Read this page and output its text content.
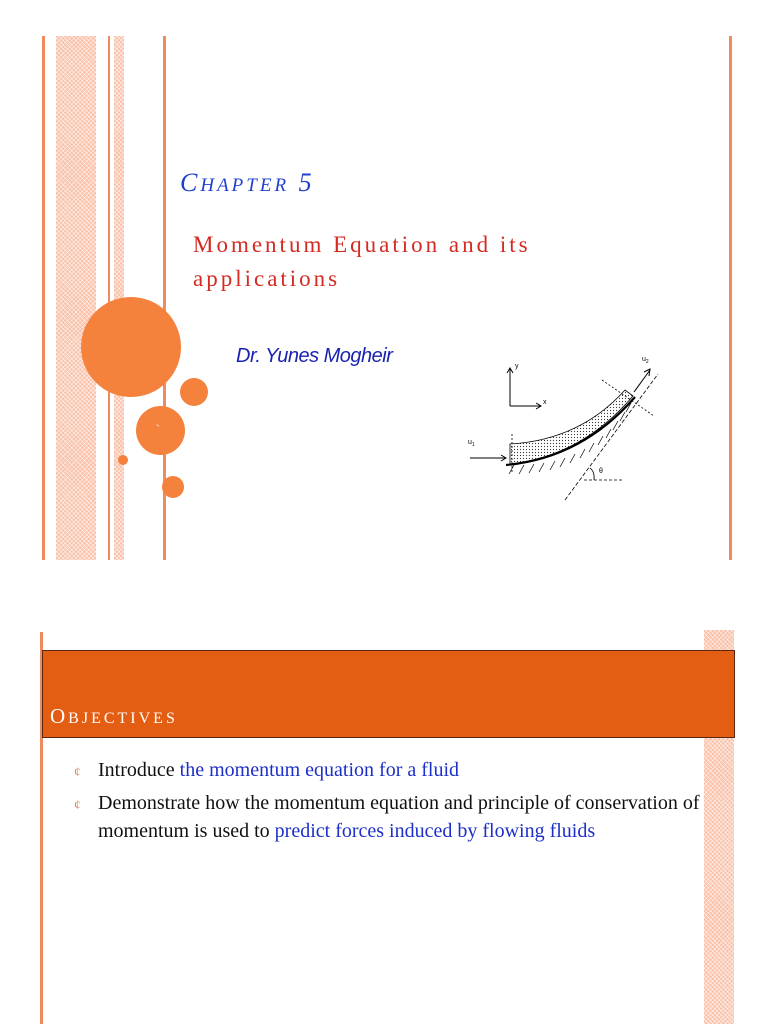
`
CHAPTER 5
Momentum Equation and its applications
Dr. Yunes Mogheir	y
x
θ
$u_1$
$u_2$
OBJECTIVES
¢ Introduce the momentum equation for a fluid
¢ Demonstrate how the momentum equation and principle of conservation of momentum is used to predict forces induced by flowing fluids
